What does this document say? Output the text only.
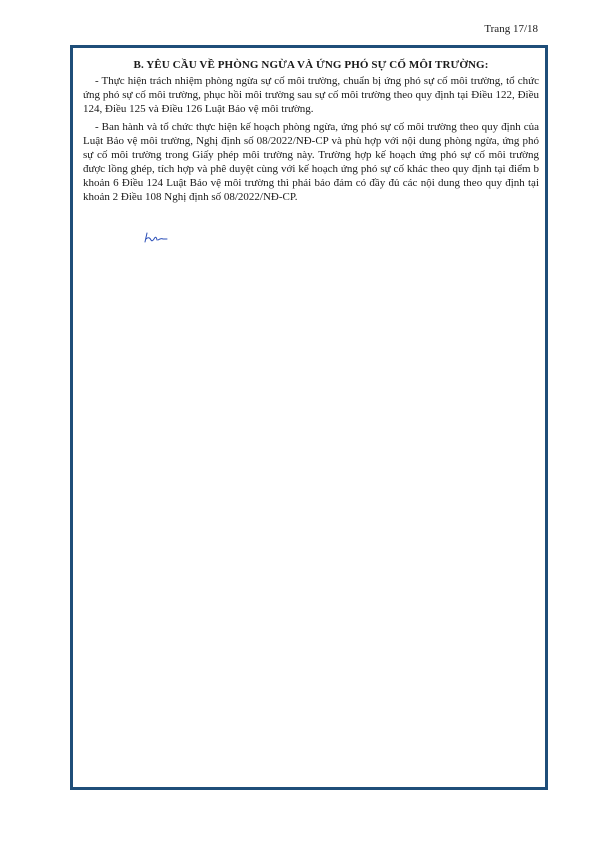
Trang 17/18

B. YÊU CẦU VỀ PHÒNG NGỪA VÀ ỨNG PHÓ SỰ CỐ MÔI TRƯỜNG:

- Thực hiện trách nhiệm phòng ngừa sự cố môi trường, chuẩn bị ứng phó sự cố môi trường, tổ chức ứng phó sự cố môi trường, phục hồi môi trường sau sự cố môi trường theo quy định tại Điều 122, Điều 124, Điều 125 và Điều 126 Luật Bảo vệ môi trường.

- Ban hành và tổ chức thực hiện kế hoạch phòng ngừa, ứng phó sự cố môi trường theo quy định của Luật Bảo vệ môi trường, Nghị định số 08/2022/NĐ-CP và phù hợp với nội dung phòng ngừa, ứng phó sự cố môi trường trong Giấy phép môi trường này. Trường hợp kế hoạch ứng phó sự cố môi trường được lồng ghép, tích hợp và phê duyệt cùng với kế hoạch ứng phó sự cố khác theo quy định tại điểm b khoản 6 Điều 124 Luật Bảo vệ môi trường thì phải bảo đảm có đầy đủ các nội dung theo quy định tại khoản 2 Điều 108 Nghị định số 08/2022/NĐ-CP.
